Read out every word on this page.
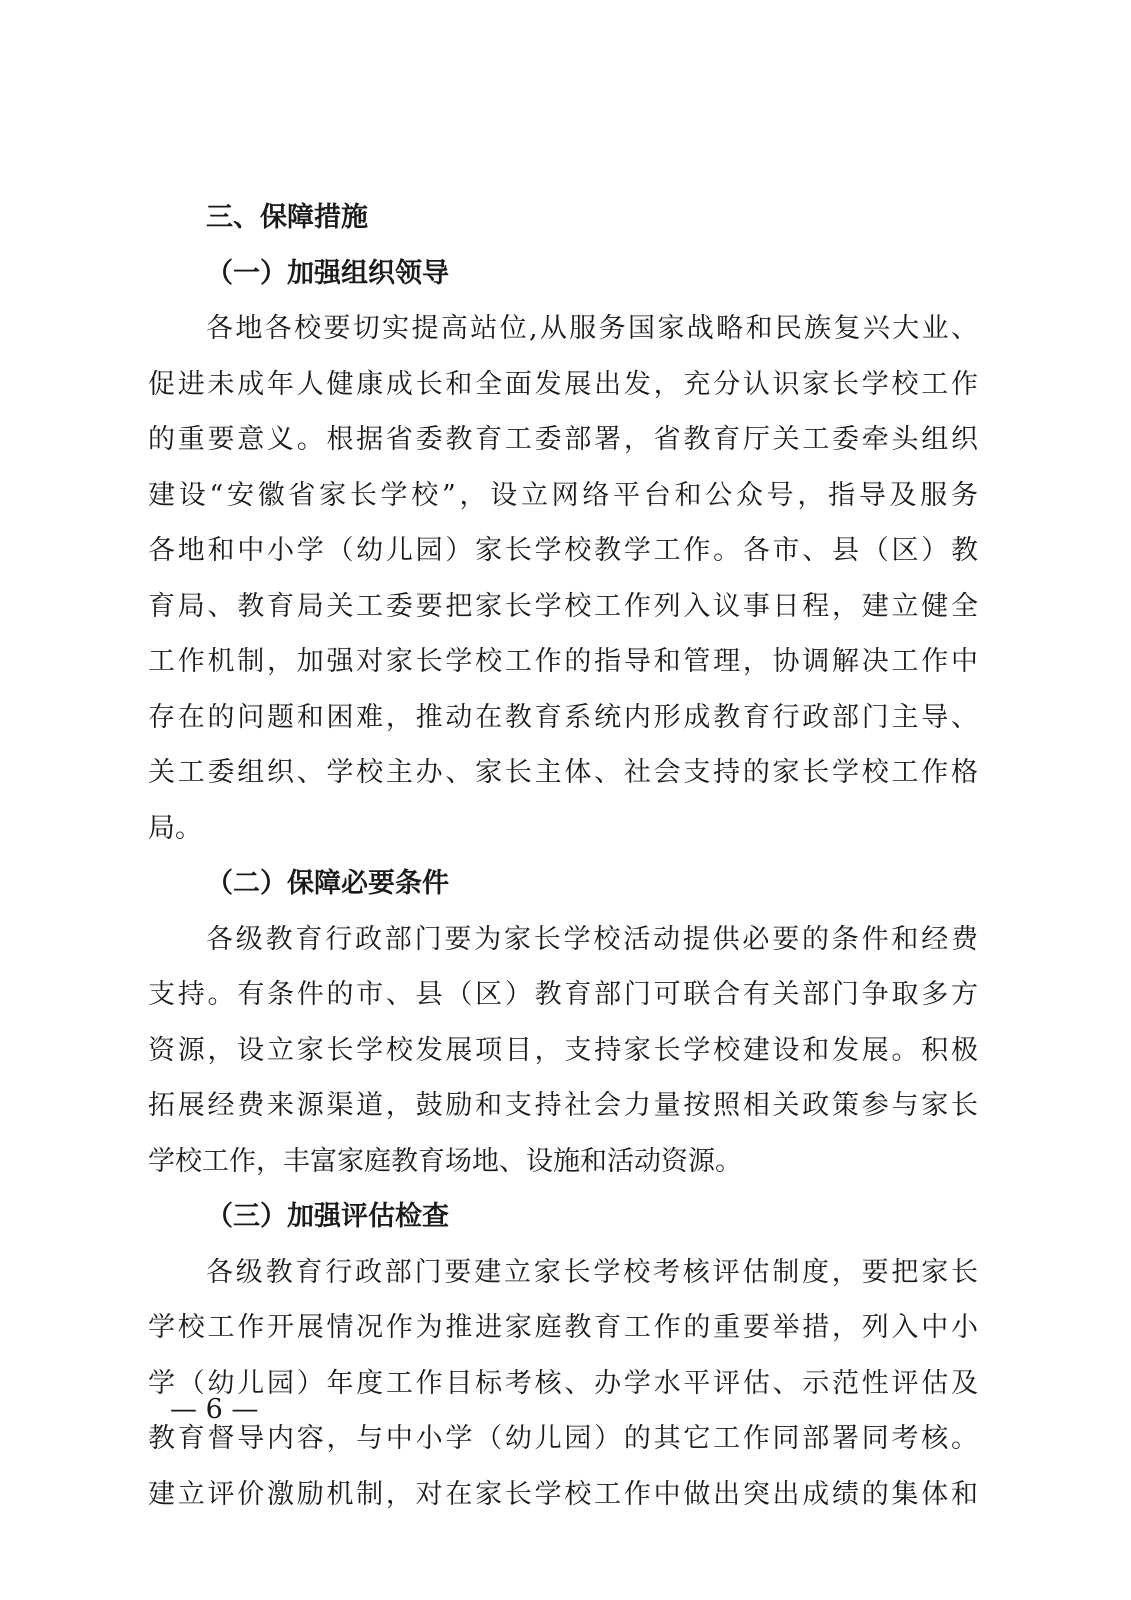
三、保障措施
（一）加强组织领导
各地各校要切实提高站位,从服务国家战略和民族复兴大业、
促进未成年人健康成长和全面发展出发，充分认识家长学校工作
的重要意义。根据省委教育工委部署，省教育厅关工委牵头组织
建设“安徽省家长学校”，设立网络平台和公众号，指导及服务
各地和中小学（幼儿园）家长学校教学工作。各市、县（区）教
育局、教育局关工委要把家长学校工作列入议事日程，建立健全
工作机制，加强对家长学校工作的指导和管理，协调解决工作中
存在的问题和困难，推动在教育系统内形成教育行政部门主导、
关工委组织、学校主办、家长主体、社会支持的家长学校工作格
局。
（二）保障必要条件
各级教育行政部门要为家长学校活动提供必要的条件和经费
支持。有条件的市、县（区）教育部门可联合有关部门争取多方
资源，设立家长学校发展项目，支持家长学校建设和发展。积极
拓展经费来源渠道，鼓励和支持社会力量按照相关政策参与家长
学校工作，丰富家庭教育场地、设施和活动资源。
（三）加强评估检查
各级教育行政部门要建立家长学校考核评估制度，要把家长
学校工作开展情况作为推进家庭教育工作的重要举措，列入中小
学（幼儿园）年度工作目标考核、办学水平评估、示范性评估及
教育督导内容，与中小学（幼儿园）的其它工作同部署同考核。
建立评价激励机制，对在家长学校工作中做出突出成绩的集体和
— 6 —
